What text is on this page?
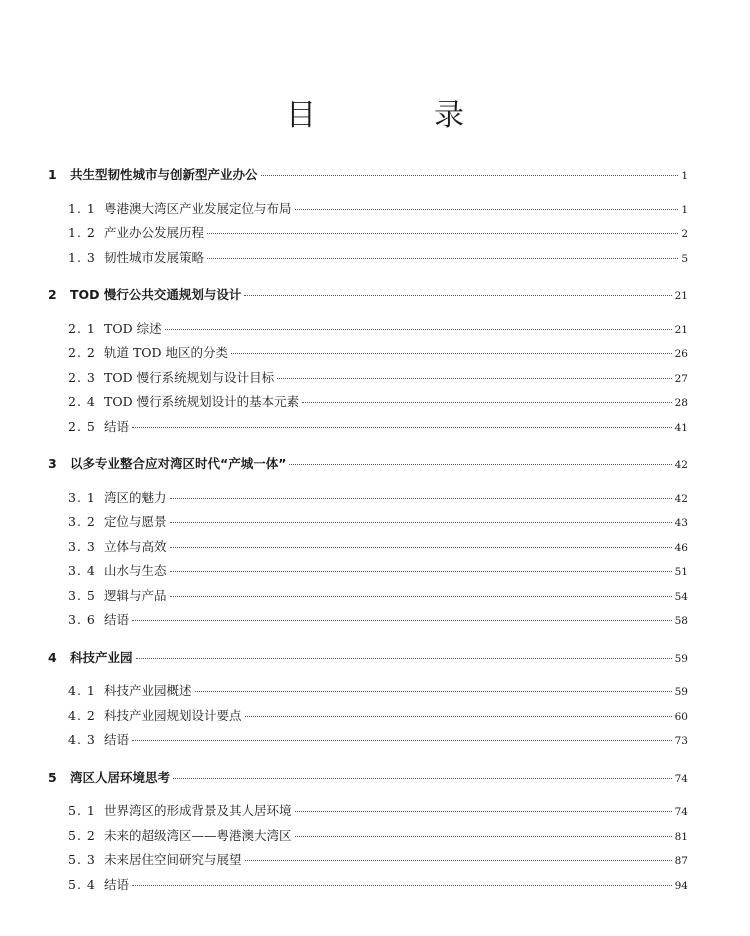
目　录
1	共生型韧性城市与创新型产业办公	1
1. 1 粤港澳大湾区产业发展定位与布局	1
1. 2 产业办公发展历程	2
1. 3 韧性城市发展策略	5
2	TOD 慢行公共交通规划与设计	21
2. 1 TOD 综述	21
2. 2 轨道 TOD 地区的分类	26
2. 3 TOD 慢行系统规划与设计目标	27
2. 4 TOD 慢行系统规划设计的基本元素	28
2. 5 结语	41
3	以多专业整合应对湾区时代“产城一体”	42
3. 1 湾区的魅力	42
3. 2 定位与愿景	43
3. 3 立体与高效	46
3. 4 山水与生态	51
3. 5 逻辑与产品	54
3. 6 结语	58
4	科技产业园	59
4. 1 科技产业园概述	59
4. 2 科技产业园规划设计要点	60
4. 3 结语	73
5	湾区人居环境思考	74
5. 1 世界湾区的形成背景及其人居环境	74
5. 2 未来的超级湾区——粤港澳大湾区	81
5. 3 未来居住空间研究与展望	87
5. 4 结语	94
